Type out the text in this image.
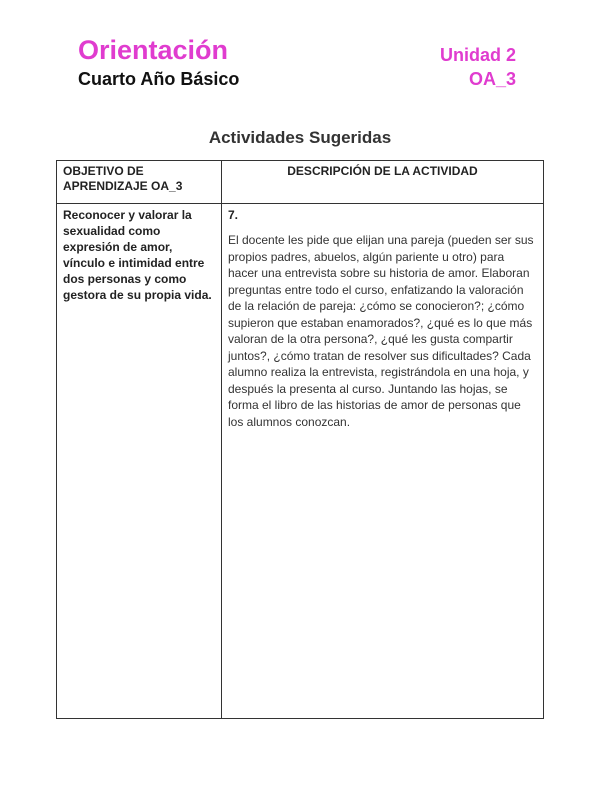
Orientación
Cuarto Año Básico
Unidad 2
OA_3
Actividades Sugeridas
OBJETIVO DE APRENDIZAJE OA_3	DESCRIPCIÓN DE LA ACTIVIDAD

Reconocer y valorar la sexualidad como expresión de amor, vínculo e intimidad entre dos personas y como gestora de su propia vida.	7.
El docente les pide que elijan una pareja (pueden ser sus propios padres, abuelos, algún pariente u otro) para hacer una entrevista sobre su historia de amor. Elaboran preguntas entre todo el curso, enfatizando la valoración de la relación de pareja: ¿cómo se conocieron?; ¿cómo supieron que estaban enamorados?, ¿qué es lo que más valoran de la otra persona?, ¿qué les gusta compartir juntos?, ¿cómo tratan de resolver sus dificultades? Cada alumno realiza la entrevista, registrándola en una hoja, y después la presenta al curso. Juntando las hojas, se forma el libro de las historias de amor de personas que los alumnos conozcan.
